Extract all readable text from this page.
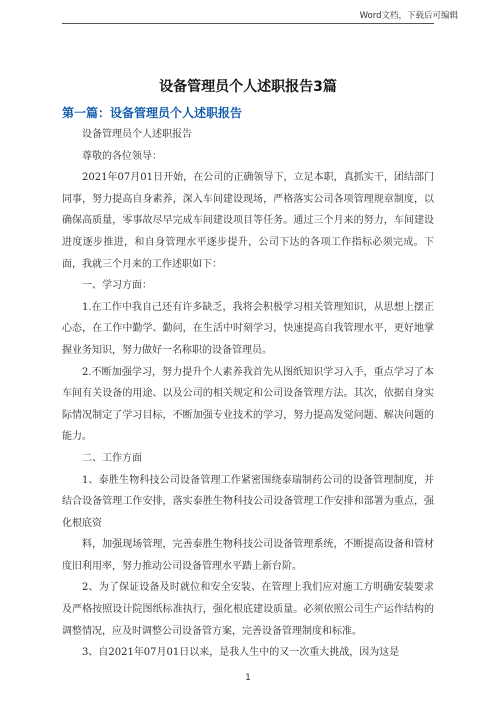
Word文档，下载后可编辑
设备管理员个人述职报告3篇
第一篇：设备管理员个人述职报告

设备管理员个人述职报告

尊敬的各位领导：

2021年07月01日开始，在公司的正确领导下，立足本职，真抓实干，团结部门同事，努力提高自身素养，深入车间建设现场，严格落实公司各项管理规章制度，以确保高质量，零事故尽早完成车间建设项目等任务。通过三个月来的努力，车间建设进度逐步推进，和自身管理水平逐步提升，公司下达的各项工作指标必须完成。下面，我就三个月来的工作述职如下：

一、学习方面：

1.在工作中我自己还有许多缺乏，我将会积极学习相关管理知识，从思想上摆正心态，在工作中勤学、勤问，在生活中时刻学习，快速提高自我管理水平，更好地掌握业务知识，努力做好一名称职的设备管理员。

2.不断加强学习，努力提升个人素养我首先从图纸知识学习入手，重点学习了本车间有关设备的用途、以及公司的相关规定和公司设备管理方法。其次，依据自身实际情况制定了学习目标，不断加强专业技术的学习，努力提高发觉问题、解决问题的能力。

二、工作方面

1、泰胜生物科技公司设备管理工作紧密围绕泰瑞制药公司的设备管理制度，并结合设备管理工作安排，落实泰胜生物科技公司设备管理工作安排和部署为重点，强化根底资

料，加强现场管理，完善泰胜生物科技公司设备管理系统，不断提高设备和管材度旧利用率，努力推动公司设备管理水平踏上新台阶。

2、为了保证设备及时就位和安全安装、在管理上我们应对施工方明确安装要求及严格按照设计院图纸标准执行，强化根底建设质量。必须依照公司生产运作结构的调整情况，应及时调整公司设备管方案，完善设备管理制度和标准。

3、自2021年07月01日以来，是我人生中的又一次重大挑战，因为这是

1
